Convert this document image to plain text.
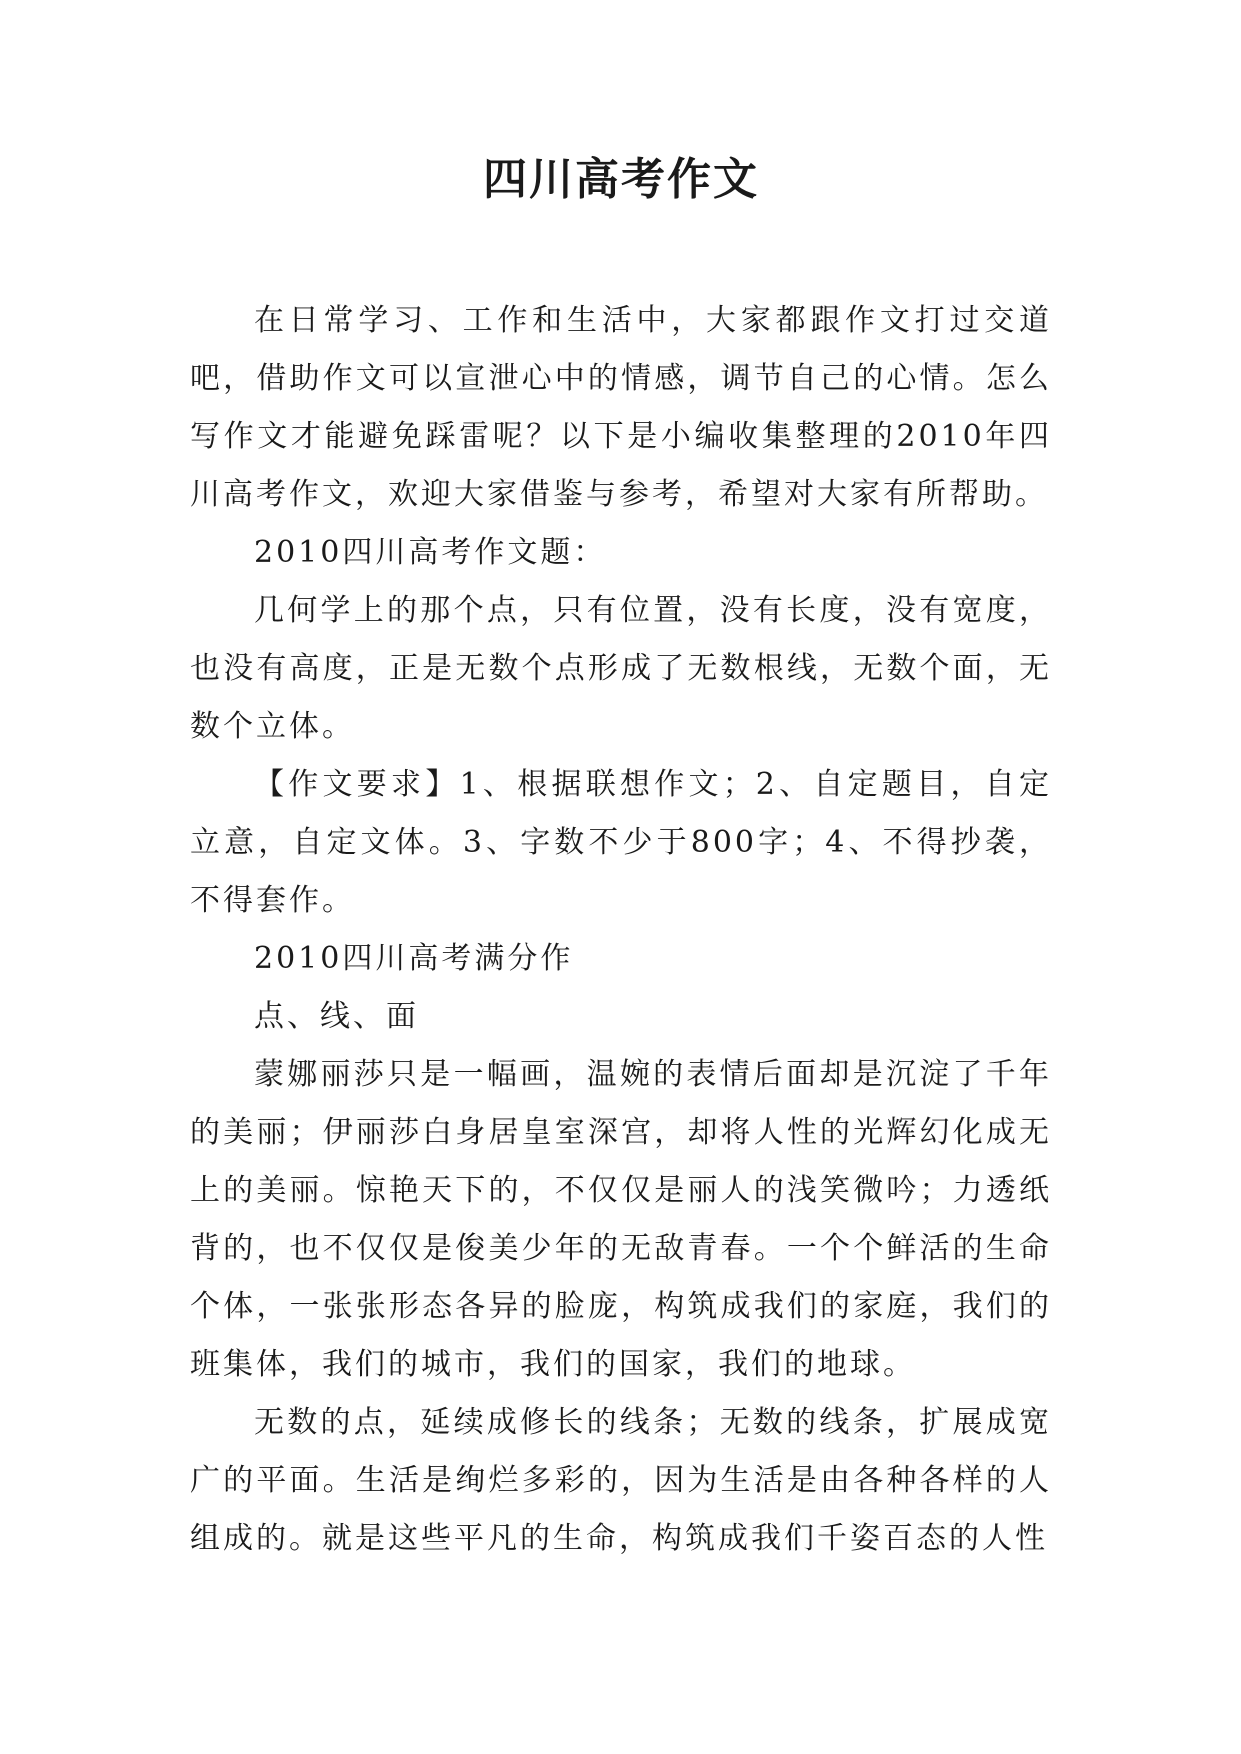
四川高考作文

在日常学习、工作和生活中，大家都跟作文打过交道吧，借助作文可以宣泄心中的情感，调节自己的心情。怎么写作文才能避免踩雷呢？以下是小编收集整理的2010年四川高考作文，欢迎大家借鉴与参考，希望对大家有所帮助。

2010四川高考作文题：

几何学上的那个点，只有位置，没有长度，没有宽度，也没有高度，正是无数个点形成了无数根线，无数个面，无数个立体。

【作文要求】1、根据联想作文；2、自定题目，自定立意，自定文体。3、字数不少于800字；4、不得抄袭，不得套作。

2010四川高考满分作

点、线、面

蒙娜丽莎只是一幅画，温婉的表情后面却是沉淀了千年的美丽；伊丽莎白身居皇室深宫，却将人性的光辉幻化成无上的美丽。惊艳天下的，不仅仅是丽人的浅笑微吟；力透纸背的，也不仅仅是俊美少年的无敌青春。一个个鲜活的生命个体，一张张形态各异的脸庞，构筑成我们的家庭，我们的班集体，我们的城市，我们的国家，我们的地球。

无数的点，延续成修长的线条；无数的线条，扩展成宽广的平面。生活是绚烂多彩的，因为生活是由各种各样的人组成的。就是这些平凡的生命，构筑成我们千姿百态的人性
